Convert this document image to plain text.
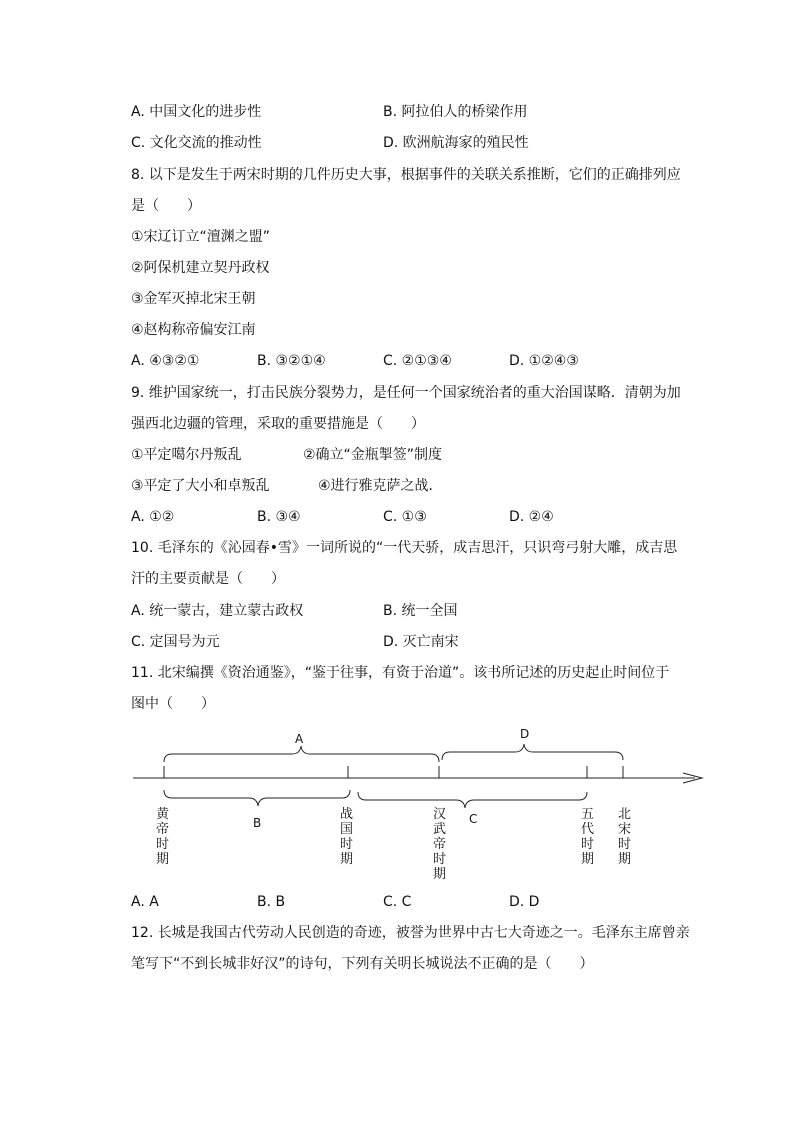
A. 中国文化的进步性	B. 阿拉伯人的桥梁作用
C. 文化交流的推动性	D. 欧洲航海家的殖民性
8. 以下是发生于两宋时期的几件历史大事，根据事件的关联关系推断，它们的正确排列应
是（　　）
①宋辽订立“澶渊之盟”
②阿保机建立契丹政权
③金军灭掉北宋王朝
④赵构称帝偏安江南
A. ④③②①	B. ③②①④	C. ②①③④	D. ①②④③
9. 维护国家统一，打击民族分裂势力，是任何一个国家统治者的重大治国谋略．清朝为加
强西北边疆的管理，采取的重要措施是（　　）
①平定噶尔丹叛乱	②确立“金瓶掣签”制度
③平定了大小和卓叛乱	④进行雅克萨之战．
A. ①②	B. ③④	C. ①③	D. ②④
10. 毛泽东的《沁园春•雪》一词所说的“一代天骄，成吉思汗，只识弯弓射大雕，成吉思
汗的主要贡献是（　　）
A. 统一蒙古，建立蒙古政权	B. 统一全国
C. 定国号为元	D. 灭亡南宋
11. 北宋编撰《资治通鉴》，“鉴于往事，有资于治道”。该书所记述的历史起止时间位于
图中（　　）
A	D
B	C
黄
帝
时
期
战
国
时
期
汉
武
帝
时
期
五
代
时
期
北
宋
时
期
A. A	B. B	C. C	D. D
12. 长城是我国古代劳动人民创造的奇迹，被誉为世界中古七大奇迹之一。毛泽东主席曾亲
笔写下“不到长城非好汉”的诗句，下列有关明长城说法不正确的是（　　）
